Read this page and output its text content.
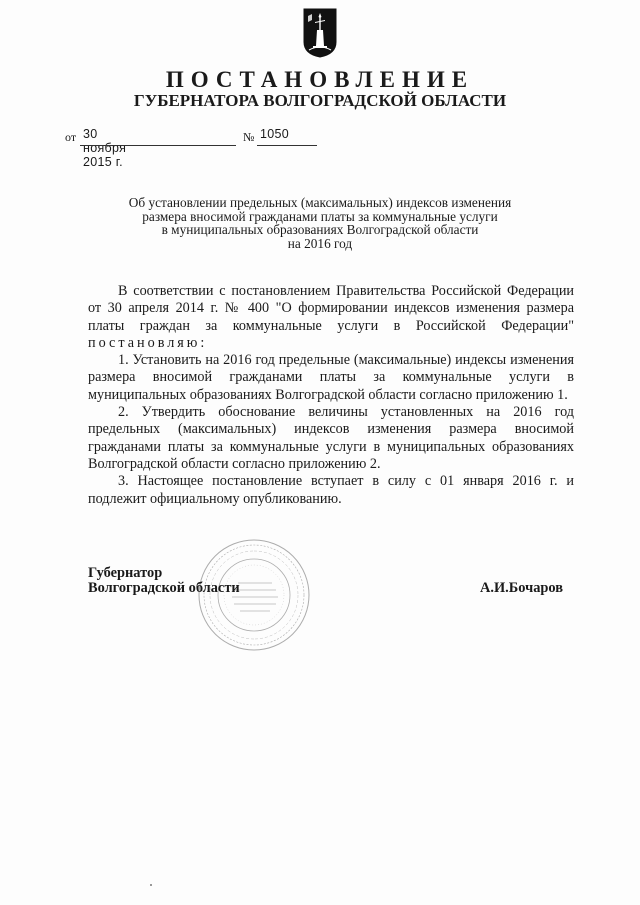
ПОСТАНОВЛЕНИЕ
ГУБЕРНАТОРА ВОЛГОГРАДСКОЙ ОБЛАСТИ
от 30 ноября 2015 г.
№ 1050
Об установлении предельных (максимальных) индексов изменения
размера вносимой гражданами платы за коммунальные услуги
в муниципальных образованиях Волгоградской области
на 2016 год

В соответствии с постановлением Правительства Российской Федерации от 30 апреля 2014 г. № 400 "О формировании индексов изменения размера платы граждан за коммунальные услуги в Российской Федерации" постановляю:

1. Установить на 2016 год предельные (максимальные) индексы изменения размера вносимой гражданами платы за коммунальные услуги в муниципальных образованиях Волгоградской области согласно приложению 1.

2. Утвердить обоснование величины установленных на 2016 год предельных (максимальных) индексов изменения размера вносимой гражданами платы за коммунальные услуги в муниципальных образованиях Волгоградской области согласно приложению 2.

3. Настоящее постановление вступает в силу с 01 января 2016 г. и подлежит официальному опубликованию.

Губернатор
Волгоградской области	А.И.Бочаров
